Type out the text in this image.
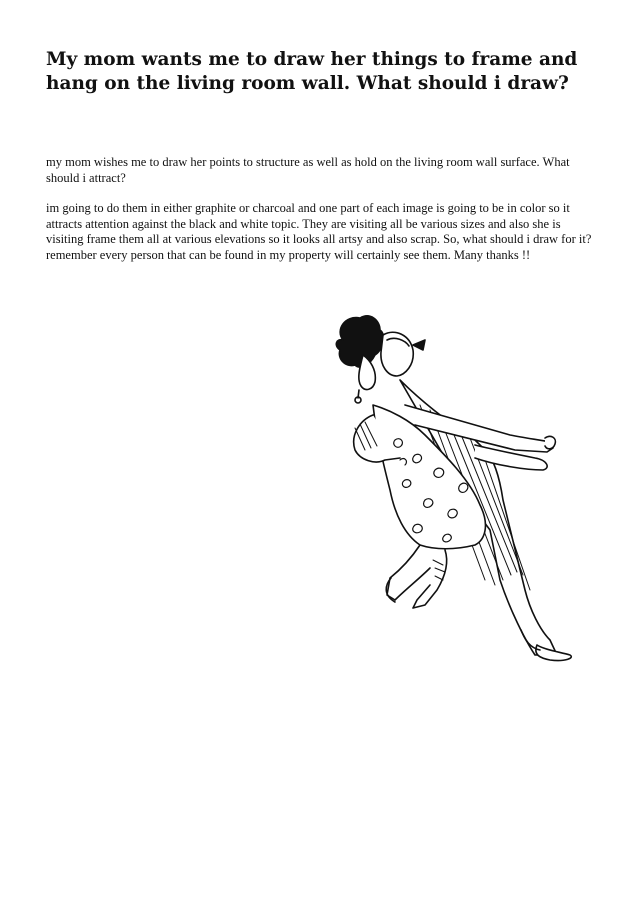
My mom wants me to draw her things to frame and hang on the living room wall. What should i draw?

my mom wishes me to draw her points to structure as well as hold on the living room wall surface. What should i attract?

im going to do them in either graphite or charcoal and one part of each image is going to be in color so it attracts attention against the black and white topic. They are visiting all be various sizes and also she is visiting frame them all at various elevations so it looks all artsy and also scrap. So, what should i draw for it? remember every person that can be found in my property will certainly see them. Many thanks !!
